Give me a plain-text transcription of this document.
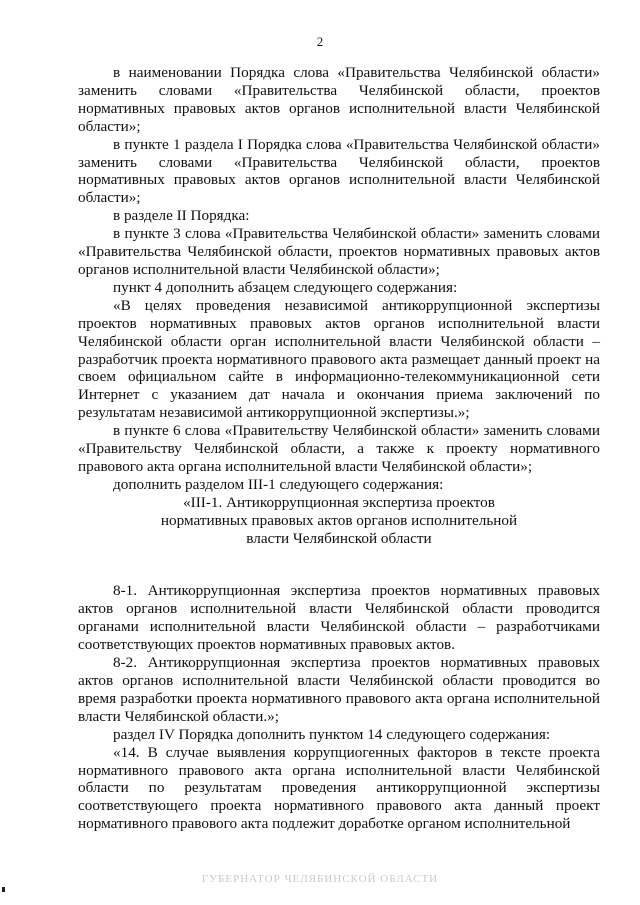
2

в наименовании Порядка слова «Правительства Челябинской области» заменить словами «Правительства Челябинской области, проектов нормативных правовых актов органов исполнительной власти Челябинской области»;

в пункте 1 раздела I Порядка слова «Правительства Челябинской области» заменить словами «Правительства Челябинской области, проектов нормативных правовых актов органов исполнительной власти Челябинской области»;

в разделе II Порядка:

в пункте 3 слова «Правительства Челябинской области» заменить словами «Правительства Челябинской области, проектов нормативных правовых актов органов исполнительной власти Челябинской области»;

пункт 4 дополнить абзацем следующего содержания:

«В целях проведения независимой антикоррупционной экспертизы проектов нормативных правовых актов органов исполнительной власти Челябинской области орган исполнительной власти Челябинской области – разработчик проекта нормативного правового акта размещает данный проект на своем официальном сайте в информационно-телекоммуникационной сети Интернет с указанием дат начала и окончания приема заключений по результатам независимой антикоррупционной экспертизы.»;

в пункте 6 слова «Правительству Челябинской области» заменить словами «Правительству Челябинской области, а также к проекту нормативного правового акта органа исполнительной власти Челябинской области»;

дополнить разделом III-1 следующего содержания:

«III-1. Антикоррупционная экспертиза проектов

нормативных правовых актов органов исполнительной

власти Челябинской области

8-1. Антикоррупционная экспертиза проектов нормативных правовых актов органов исполнительной власти Челябинской области проводится органами исполнительной власти Челябинской области – разработчиками соответствующих проектов нормативных правовых актов.

8-2. Антикоррупционная экспертиза проектов нормативных правовых актов органов исполнительной власти Челябинской области проводится во время разработки проекта нормативного правового акта органа исполнительной власти Челябинской области.»;

раздел IV Порядка дополнить пунктом 14 следующего содержания:

«14. В случае выявления коррупциогенных факторов в тексте проекта нормативного правового акта органа исполнительной власти Челябинской области по результатам проведения антикоррупционной экспертизы соответствующего проекта нормативного правового акта данный проект нормативного правового акта подлежит доработке органом исполнительной

ГУБЕРНАТОР ЧЕЛЯБИНСКОЙ ОБЛАСТИ
